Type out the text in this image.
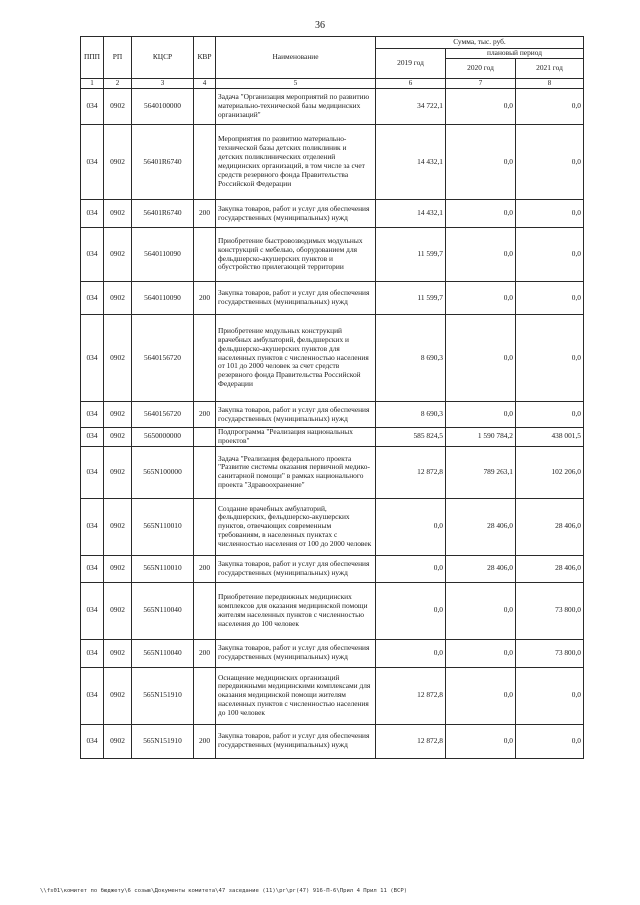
36
ППП	РП	КЦСР	КВР	Наименование	Сумма, тыс. руб.		
					2019 год	плановый период	
						2020 год	2021 год
1	2	3	4	5	6	7	8
034	0902	5640100000		Задача "Организация мероприятий по развитию материально-технической базы медицинских организаций"	34 722,1	0,0	0,0
034	0902	56401R6740		Мероприятия по развитию материально-технической базы детских поликлиник и детских поликлинических отделений медицинских организаций, в том числе за счет средств резервного фонда Правительства Российской Федерации	14 432,1	0,0	0,0
034	0902	56401R6740	200	Закупка товаров, работ и услуг для обеспечения государственных (муниципальных) нужд	14 432,1	0,0	0,0
034	0902	5640110090		Приобретение быстровозводимых модульных конструкций с мебелью, оборудованием для фельдшерско-акушерских пунктов и обустройство прилегающей территории	11 599,7	0,0	0,0
034	0902	5640110090	200	Закупка товаров, работ и услуг для обеспечения государственных (муниципальных) нужд	11 599,7	0,0	0,0
034	0902	5640156720		Приобретение модульных конструкций врачебных амбулаторий, фельдшерских и фельдшерско-акушерских пунктов для населенных пунктов с численностью населения от 101 до 2000 человек за счет средств резервного фонда Правительства Российской Федерации	8 690,3	0,0	0,0
034	0902	5640156720	200	Закупка товаров, работ и услуг для обеспечения государственных (муниципальных) нужд	8 690,3	0,0	0,0
034	0902	5650000000		Подпрограмма "Реализация национальных проектов"	585 824,5	1 590 784,2	438 001,5
034	0902	565N100000		Задача "Реализация федерального проекта "Развитие системы оказания первичной медико-санитарной помощи" в рамках национального проекта "Здравоохранение"	12 872,8	789 263,1	102 206,0
034	0902	565N110010		Создание врачебных амбулаторий, фельдшерских, фельдшерско-акушерских пунктов, отвечающих современным требованиям, в населенных пунктах с численностью населения от 100 до 2000 человек	0,0	28 406,0	28 406,0
034	0902	565N110010	200	Закупка товаров, работ и услуг для обеспечения государственных (муниципальных) нужд	0,0	28 406,0	28 406,0
034	0902	565N110040		Приобретение передвижных медицинских комплексов для оказания медицинской помощи жителям населенных пунктов с численностью населения до 100 человек	0,0	0,0	73 800,0
034	0902	565N110040	200	Закупка товаров, работ и услуг для обеспечения государственных (муниципальных) нужд	0,0	0,0	73 800,0
034	0902	565N151910		Оснащение медицинских организаций передвижными медицинскими комплексами для оказания медицинской помощи жителям населенных пунктов с численностью населения до 100 человек	12 872,8	0,0	0,0
034	0902	565N151910	200	Закупка товаров, работ и услуг для обеспечения государственных (муниципальных) нужд	12 872,8	0,0	0,0
\\fs01\комитет по бюджету\6 созыв\Документы комитета\47 заседание (11)\рг\рг(47) 916-П-6\Прил 4 Прил 11 (ВСР)
